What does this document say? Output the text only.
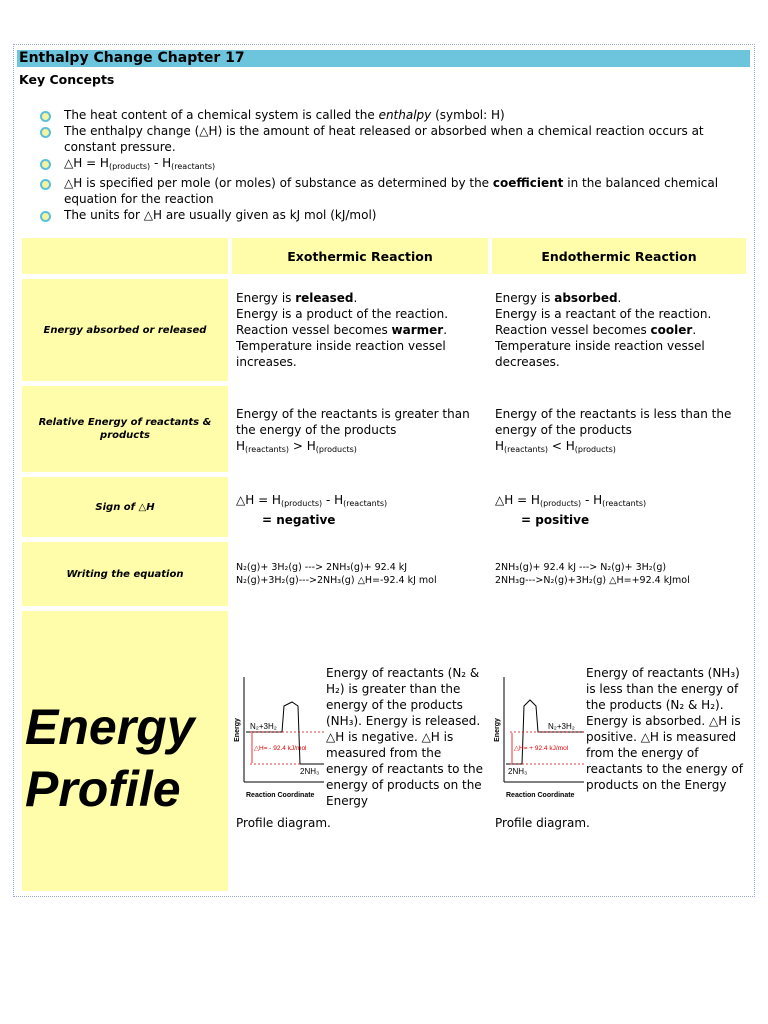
Enthalpy Change Chapter 17
Key Concepts
The heat content of a chemical system is called the enthalpy (symbol: H)
The enthalpy change (△H) is the amount of heat released or absorbed when a chemical reaction occurs at constant pressure.
△H = $H_{(products)} - H_{(reactants)}$
△H is specified per mole (or moles) of substance as determined by the coefficient in the balanced chemical equation for the reaction
The units for △H are usually given as kJ mol (kJ/mol)
Exothermic Reaction	Endothermic Reaction
Energy absorbed or released
Relative Energy of reactants & products
Sign of △H
Writing the equation
Energy Profile
Energy is released.
Energy is a product of the reaction.
Reaction vessel becomes warmer.
Temperature inside reaction vessel increases.
Energy is absorbed.
Energy is a reactant of the reaction.
Reaction vessel becomes cooler.
Temperature inside reaction vessel decreases.
Energy of the reactants is greater than the energy of the products
$H_{(reactants)} > H_{(products)}$
Energy of the reactants is less than the energy of the products
$H_{(reactants)} < H_{(products)}$
△H = $H_{(products)} - H_{(reactants)}$
= negative
△H = $H_{(products)} - H_{(reactants)}$
= positive
N₂(g)+ 3H₂(g) ---> 2NH₃(g)+ 92.4 kJ
N₂(g)+3H₂(g)--->2NH₃(g) △H=-92.4 kJ mol
2NH₃(g)+ 92.4 kJ ---> N₂(g)+ 3H₂(g)
2NH₃g--->N₂(g)+3H₂(g) △H=+92.4 kJmol
Energy
Reaction Coordinate
N₂+3H₂
2NH₃
△H= - 92.4 kJ/mol
Energy of reactants (N₂ & H₂) is greater than the energy of the products (NH₃). Energy is released. △H is negative. △H is measured from the energy of reactants to the energy of products on the Energy
Profile diagram.
Energy
Reaction Coordinate
2NH₃
N₂+3H₂
△H= + 92.4 kJ/mol
Energy of reactants (NH₃) is less than the energy of the products (N₂ & H₂). Energy is absorbed. △H is positive. △H is measured from the energy of reactants to the energy of products on the Energy
Profile diagram.
